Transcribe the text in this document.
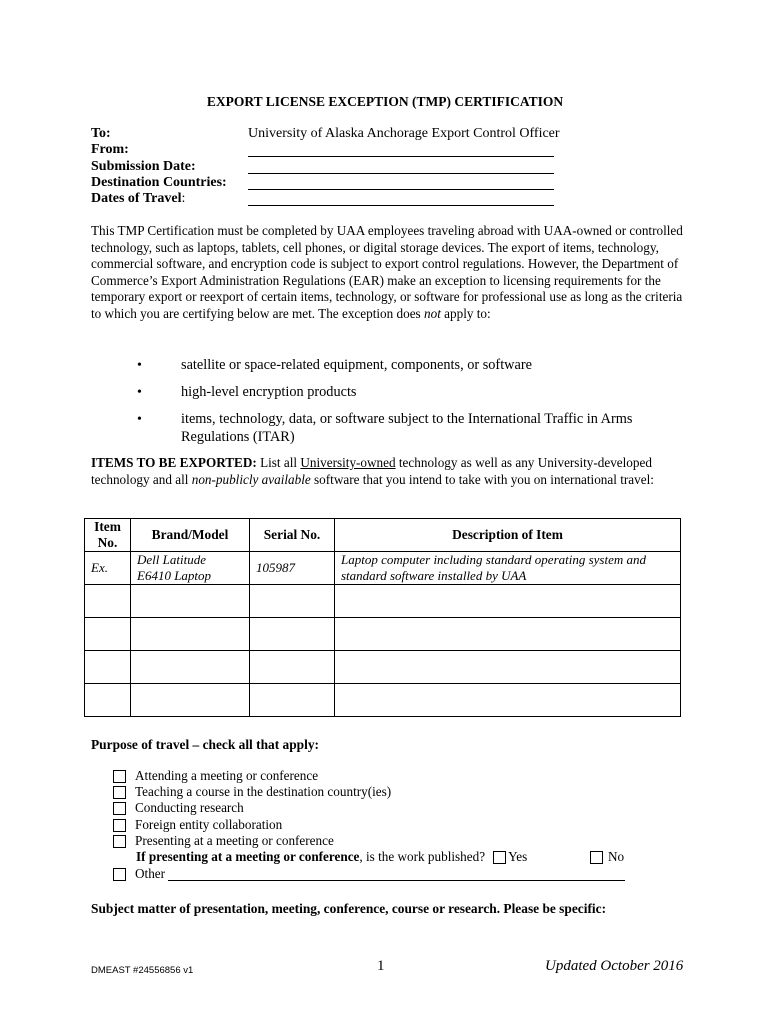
EXPORT LICENSE EXCEPTION (TMP) CERTIFICATION
To:	University of Alaska Anchorage Export Control Officer
From:
Submission Date:
Destination Countries:
Dates of Travel:
This TMP Certification must be completed by UAA employees traveling abroad with UAA-owned or controlled technology, such as laptops, tablets, cell phones, or digital storage devices. The export of items, technology, commercial software, and encryption code is subject to export control regulations. However, the Department of Commerce’s Export Administration Regulations (EAR) make an exception to licensing requirements for the temporary export or reexport of certain items, technology, or software for professional use as long as the criteria to which you are certifying below are met. The exception does not apply to:
•	satellite or space-related equipment, components, or software
•	high-level encryption products
•	items, technology, data, or software subject to the International Traffic in Arms Regulations (ITAR)
ITEMS TO BE EXPORTED: List all University-owned technology as well as any University-developed technology and all non-publicly available software that you intend to take with you on international travel:
Item No.	Brand/Model	Serial No.	Description of Item
Ex.	Dell Latitude E6410 Laptop	105987	Laptop computer including standard operating system and standard software installed by UAA

Purpose of travel – check all that apply:
Attending a meeting or conference
Teaching a course in the destination country(ies)
Conducting research
Foreign entity collaboration
Presenting at a meeting or conference
If presenting at a meeting or conference , is the work published? Yes	No
Other
Subject matter of presentation, meeting, conference, course or research. Please be specific:
DMEAST #24556856 v1	1	Updated October 2016
